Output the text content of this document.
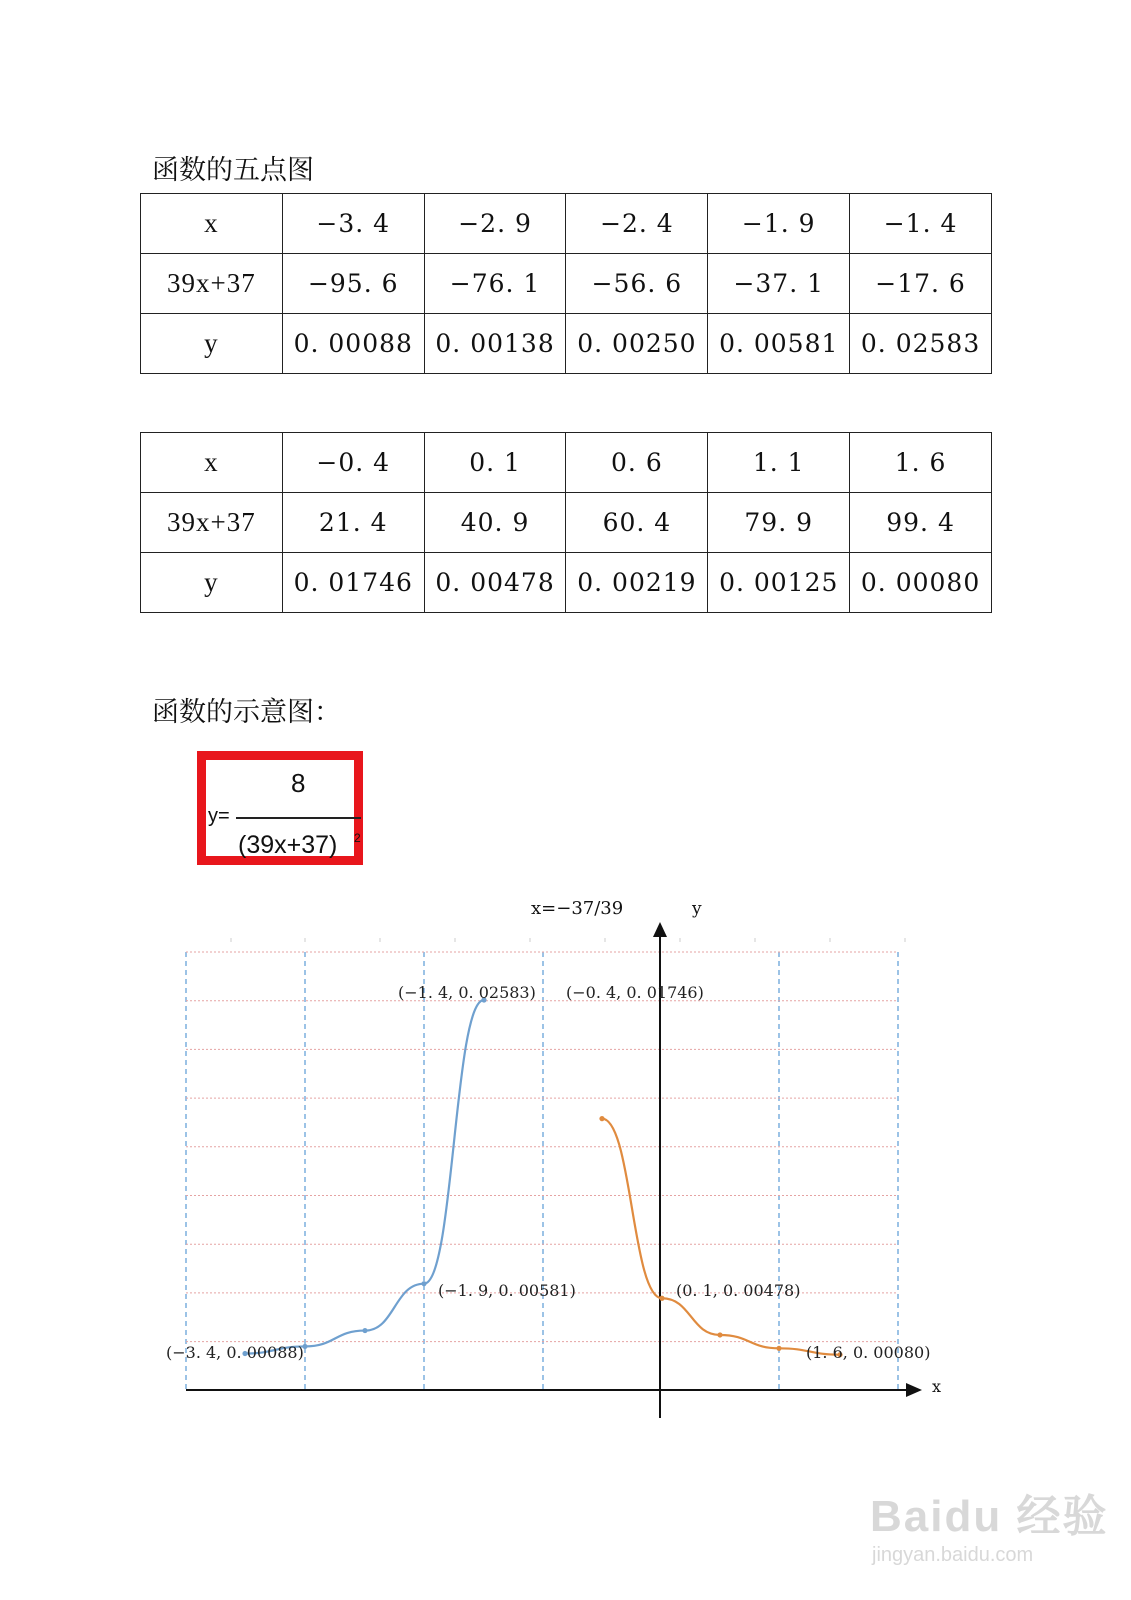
函数的五点图
x	−3. 4	−2. 9	−2. 4	−1. 9	−1. 4
39x+37	−95. 6	−76. 1	−56. 6	−37. 1	−17. 6
y	0. 00088	0. 00138	0. 00250	0. 00581	0. 02583
x	−0. 4	0. 1	0. 6	1. 1	1. 6
39x+37	21. 4	40. 9	60. 4	79. 9	99. 4
y	0. 01746	0. 00478	0. 00219	0. 00125	0. 00080
函数的示意图：
8
y=
(39x+37) 2
x
y
x=−37/39
(−3. 4, 0. 00088)
(−1. 9, 0. 00581)
(−1. 4, 0. 02583) (−0. 4, 0. 01746)
(0. 1, 0. 00478)
(1. 6, 0. 00080)
Baidu 经验
jingyan.baidu.com
